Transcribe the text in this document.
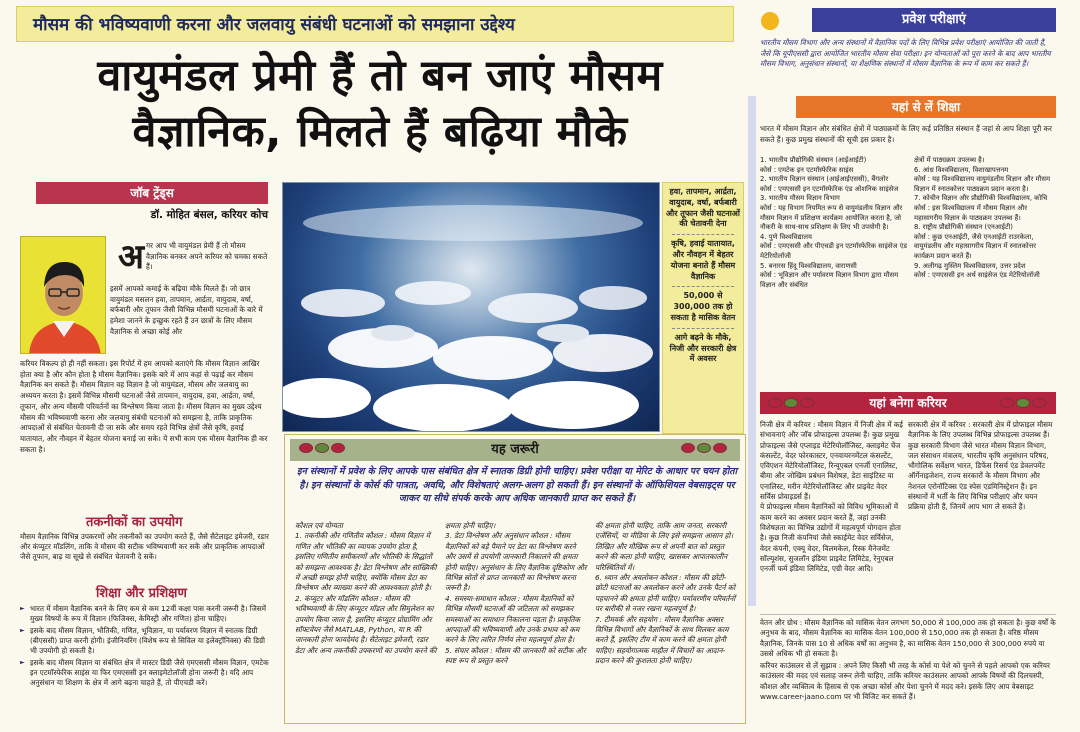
मौसम की भविष्यवाणी करना और जलवायु संबंधी घटनाओं को समझाना उद्देश्य
वायुमंडल प्रेमी हैं तो बन जाएं मौसम
वैज्ञानिक, मिलते हैं बढ़िया मौके
जॉब ट्रेंड्स
डॉ. मोहित बंसल, करियर कोच
अ गर आप भी वायुमंडल प्रेमी हैं तो मौसम वैज्ञानिक बनकर अपने करियर को चमका सकते हैं।
इसमें आपको कमाई के बढ़िया मौके मिलते हैं। जो छात्र वायुमंडल मसलन हवा, तापमान, आर्द्रता, वायुदाब, वर्षा, बर्फबारी और तूफान जैसी विभिन्न मौसमी घटनाओं के बारे में हमेशा जानने के इच्छुक रहते हैं उन छात्रों के लिए मौसम वैज्ञानिक से अच्छा कोई और
करियर विकल्प हो ही नहीं सकता। इस रिपोर्ट में हम आपको बताएंगे कि मौसम विज्ञान आखिर होता क्या है और कौन होता है मौसम वैज्ञानिक। इसके बारे में आप कहां से पढ़ाई कर मौसम वैज्ञानिक बन सकते हैं। मौसम विज्ञान वह विज्ञान है जो वायुमंडल, मौसम और जलवायु का अध्ययन करता है। इसमें विभिन्न मौसमी घटनाओं जैसे तापमान, वायुदाब, हवा, आर्द्रता, वर्षा, तूफान, और अन्य मौसमी परिवर्तनों का विश्लेषण किया जाता है। मौसम विज्ञान का मुख्य उद्देश्य मौसम की भविष्यवाणी करना और जलवायु संबंधी घटनाओं को समझना है, ताकि प्राकृतिक आपदाओं से संबंधित चेतावनी दी जा सके और समय रहते विभिन्न क्षेत्रों जैसे कृषि, हवाई यातायात, और नौवहन में बेहतर योजना बनाई जा सके। ये सभी काम एक मौसम वैज्ञानिक ही कर सकता है।
तकनीकों का उपयोग
मौसम वैज्ञानिक विभिन्न उपकरणों और तकनीकों का उपयोग करते हैं, जैसे सैटेलाइट इमेजरी, रडार और कंप्यूटर मॉडलिंग, ताकि वे मौसम की सटीक भविष्यवाणी कर सकें और प्राकृतिक आपदाओं जैसे तूफान, बाढ़ या सूखे से संबंधित चेतावनी दे सकें।
शिक्षा और प्रशिक्षण
► भारत में मौसम वैज्ञानिक बनने के लिए कम से कम 12वीं कक्षा पास करनी जरूरी है। जिसमें मुख्य विषयों के रूप में विज्ञान (फिजिक्स, केमिस्ट्री और गणित) होना चाहिए।
► इसके बाद मौसम विज्ञान, भौतिकी, गणित, भूविज्ञान, या पर्यावरण विज्ञान में स्नातक डिग्री (बीएससी) प्राप्त करनी होगी। इंजीनियरिंग (विशेष रूप से सिविल या इलेक्ट्रॉनिक्स) की डिग्री भी उपयोगी हो सकती है।
► इसके बाद मौसम विज्ञान या संबंधित क्षेत्र में मास्टर डिग्री जैसे एमएससी मौसम विज्ञान, एमटेक इन एटमॉस्फेरिक साइंस या फिर एमएससी इन क्लाइमेटोलॉजी होना जरूरी है। यदि आप अनुसंधान या शिक्षण के क्षेत्र में आगे बढ़ना चाहते हैं, तो पीएचडी करें।
हवा, तापमान, आर्द्रता, वायुदाब, वर्षा, बर्फबारी और तूफान जैसी घटनाओं की चेतावनी देना
कृषि, हवाई यातायात, और नौवहन में बेहतर योजना बनाते हैं मौसम वैज्ञानिक
50,000 से 300,000 तक हो सकता है मासिक वेतन
आगे बढ़ने के मौके, निजी और सरकारी क्षेत्र में अवसर
यह जरूरी
इन संस्थानों में प्रवेश के लिए आपके पास संबंधित क्षेत्र में स्नातक डिग्री होनी चाहिए। प्रवेश परीक्षा या मेरिट के आधार पर चयन होता है। इन संस्थानों के कोर्स की पात्रता, अवधि, और विशेषताएं अलग-अलग हो सकती हैं। इन संस्थानों के ऑफिशियल वेबसाइट्स पर जाकर या सीधे संपर्क करके आप अधिक जानकारी प्राप्त कर सकते हैं।
कौशल एवं योग्यता
1. तकनीकी और गणितीय कौशल : मौसम विज्ञान में गणित और भौतिकी का व्यापक उपयोग होता है, इसलिए गणितीय समीकरणों और भौतिकी के सिद्धांतों को समझना आवश्यक है। डेटा विश्लेषण और सांख्यिकी में अच्छी समझ होनी चाहिए, क्योंकि मौसम डेटा का विश्लेषण और व्याख्या करने की आवश्यकता होती है।
2. कंप्यूटर और मॉडलिंग कौशल : मौसम की भविष्यवाणी के लिए कंप्यूटर मॉडल और सिमुलेशन का उपयोग किया जाता है, इसलिए कंप्यूटर प्रोग्रामिंग और सॉफ्टवेयर जैसे MATLAB, Python, या R की जानकारी होना फायदेमंद है। सैटेलाइट इमेजरी, रडार डेटा और अन्य तकनीकी उपकरणों का उपयोग करने की
क्षमता होनी चाहिए।
3. डेटा विश्लेषण और अनुसंधान कौशल : मौसम वैज्ञानिकों को बड़े पैमाने पर डेटा का विश्लेषण करने और उसमें से उपयोगी जानकारी निकालने की क्षमता होनी चाहिए। अनुसंधान के लिए वैज्ञानिक दृष्टिकोण और विभिन्न स्रोतों से प्राप्त जानकारी का विश्लेषण करना जरूरी है।
4. समस्या-समाधान कौशल : मौसम वैज्ञानिकों को विभिन्न मौसमी घटनाओं की जटिलता को समझकर समस्याओं का समाधान निकालना पड़ता है। प्राकृतिक आपदाओं की भविष्यवाणी और उनके प्रभाव को कम करने के लिए त्वरित निर्णय लेना महत्वपूर्ण होता है।
5. संचार कौशल : मौसम की जानकारी को सटीक और स्पष्ट रूप से प्रस्तुत करने
की क्षमता होनी चाहिए, ताकि आम जनता, सरकारी एजेंसियों, या मीडिया के लिए इसे समझना आसान हो। लिखित और मौखिक रूप से अपनी बात को प्रस्तुत करने की कला होनी चाहिए, खासकर आपातकालीन परिस्थितियों में।
6. ध्यान और अवलोकन कौशल : मौसम की छोटी-छोटी घटनाओं का अवलोकन करने और उनके पैटर्न को पहचानने की क्षमता होनी चाहिए। पर्यावरणीय परिवर्तनों पर बारीकी से नजर रखना महत्वपूर्ण है।
7. टीमवर्क और सहयोग : मौसम वैज्ञानिक अक्सर विभिन्न विभागों और वैज्ञानिकों के साथ मिलकर काम करते हैं, इसलिए टीम में काम करने की क्षमता होनी चाहिए। सहयोगात्मक माहौल में विचारों का आदान-प्रदान करने की कुशलता होनी चाहिए।
प्रवेश परीक्षाएं
भारतीय मौसम विभाग और अन्य संस्थानों में वैज्ञानिक पदों के लिए विभिन्न प्रवेश परीक्षाएं आयोजित की जाती हैं, जैसे कि यूपीएससी द्वारा आयोजित भारतीय मौसम सेवा परीक्षा। इन योग्यताओं को पूरा करने के बाद आप भारतीय मौसम विभाग, अनुसंधान संस्थानों, या शैक्षणिक संस्थानों में मौसम वैज्ञानिक के रूप में काम कर सकते हैं।
यहां से लें शिक्षा
भारत में मौसम विज्ञान और संबंधित क्षेत्रों में पाठ्यक्रमों के लिए कई प्रतिष्ठित संस्थान हैं जहां से आप शिक्षा पूरी कर सकते हैं। कुछ प्रमुख संस्थानों की सूची इस प्रकार है।
1. भारतीय प्रौद्योगिकी संस्थान (आईआईटी)
कोर्स : एमटेक इन एटमॉस्फेरिक साइंस
2. भारतीय विज्ञान संस्थान (आईआईएससी), बैंगलोर
कोर्स : एमएससी इन एटमॉस्फेरिक एंड ओशनिक साइंसेज
3. भारतीय मौसम विज्ञान विभाग
कोर्स : यह विभाग नियमित रूप से वायुमंडलीय विज्ञान और मौसम विज्ञान में प्रशिक्षण कार्यक्रम आयोजित करता है, जो नौकरी के साथ-साथ प्रशिक्षण के लिए भी उपयोगी है।
4. पुणे विश्वविद्यालय
कोर्स : एमएससी और पीएचडी इन एटमॉस्फेरिक साइंसेज एंड मेटेरियोलॉजी
5. बनारस हिंदू विश्वविद्यालय, वाराणसी
कोर्स : भूविज्ञान और पर्यावरण विज्ञान विभाग द्वारा मौसम विज्ञान और संबंधित
क्षेत्रों में पाठ्यक्रम उपलब्ध है।
6. आंध्र विश्वविद्यालय, विशाखापत्तनम
कोर्स : यह विश्वविद्यालय वायुमंडलीय विज्ञान और मौसम विज्ञान में स्नातकोत्तर पाठ्यक्रम प्रदान करता है।
7. कोचीन विज्ञान और प्रौद्योगिकी विश्वविद्यालय, कोचि
कोर्स : इस विश्वविद्यालय में मौसम विज्ञान और महासागरीय विज्ञान के पाठ्यक्रम उपलब्ध हैं।
8. राष्ट्रीय प्रौद्योगिकी संस्थान (एनआईटी)
कोर्स : कुछ एनआईटी, जैसे एनआईटी राउरकेला, वायुमंडलीय और महासागरीय विज्ञान में स्नातकोत्तर कार्यक्रम प्रदान करते हैं।
9. अलीगढ़ मुस्लिम विश्वविद्यालय, उत्तर प्रदेश
कोर्स : एमएससी इन अर्थ साइंसेज एंड मेटेरियोलॉजी
यहां बनेगा करियर
निजी क्षेत्र में करियर : मौसम विज्ञान में निजी क्षेत्र में कई संभावनाएं और जॉब प्रोफाइल्स उपलब्ध हैं। कुछ प्रमुख प्रोफाइल्स जैसे एप्लाइड मेटेरियोलॉजिस्ट, क्लाइमेट चेंज कंसल्टेंट, वेदर फोरकास्टर, एनवायरनमेंटल कंसल्टेंट, एविएशन मेटेरियोलॉजिस्ट, रिन्यूएबल एनर्जी एनालिस्ट, बीमा और जोखिम प्रबंधन विशेषज्ञ, डेटा साइंटिस्ट या एनालिस्ट, मरीन मेटेरियोलॉजिस्ट और प्राइवेट वेदर सर्विस प्रोवाइडर्स हैं।
ये प्रोफाइल्स मौसम वैज्ञानिकों को विविध भूमिकाओं में काम करने का अवसर प्रदान करते हैं, जहां उनकी विशेषज्ञता का विभिन्न उद्योगों में महत्वपूर्ण योगदान होता है। कुछ निजी कंपनियां जैसे स्काईमेट वेदर सर्विसेज, वेदर कंपनी, एक्यू वेदर, विलमकेल, रिस्क मैनेजमेंट सॉल्यूशंस, सुजलॉन इंडिया प्राइवेट लिमिटेड, रेनुएबल एनर्जी फर्म इंडिया लिमिटेड, एग्री वेदर आदि।
सरकारी क्षेत्र में करियर : सरकारी क्षेत्र में प्रोफाइल मौसम वैज्ञानिक के लिए उपलब्ध विभिन्न प्रोफाइल्स उपलब्ध हैं। कुछ सरकारी विभाग जैसे भारत मौसम विज्ञान विभाग, जल संसाधन मंत्रालय, भारतीय कृषि अनुसंधान परिषद, भौगोलिक सर्वेक्षण भारत, डिफेंस रिसर्च एंड डेवलपमेंट ऑर्गेनाइजेशन, राज्य सरकारों के मौसम विभाग और नेशनल एरोनॉटिक्स एंड स्पेस एडमिनिस्ट्रेशन हैं। इन संस्थानों में भर्ती के लिए विभिन्न परीक्षाएं और चयन प्रक्रिया होती हैं, जिनमें आप भाग ले सकते हैं।
वेतन और ग्रोथ : मौसम वैज्ञानिक को मासिक वेतन लगभग 50,000 से 100,000 तक हो सकता है। कुछ वर्षों के अनुभव के बाद, मौसम वैज्ञानिक का मासिक वेतन 100,000 से 150,000 तक हो सकता है। वरिष्ठ मौसम वैज्ञानिक, जिनके पास 10 से अधिक वर्षों का अनुभव है, का मासिक वेतन 150,000 से 300,000 रुपये या उससे अधिक भी हो सकता है।
करियर काउंसलर से लें सुझाव : अपने लिए किसी भी तरह के कोर्स या पेशे को चुनने से पहले आपको एक करियर काउंसलर की मदद एवं सलाह जरूर लेनी चाहिए, ताकि करियर काउंसलर आपको आपके विषयों की दिलचस्पी, कौशल और व्यक्तित्व के हिसाब से एक अच्छा कोर्स और पेशा चुनने में मदद करे। इसके लिए आप वेबसाइट www.career-jaano.com पर भी विजिट कर सकते हैं।
